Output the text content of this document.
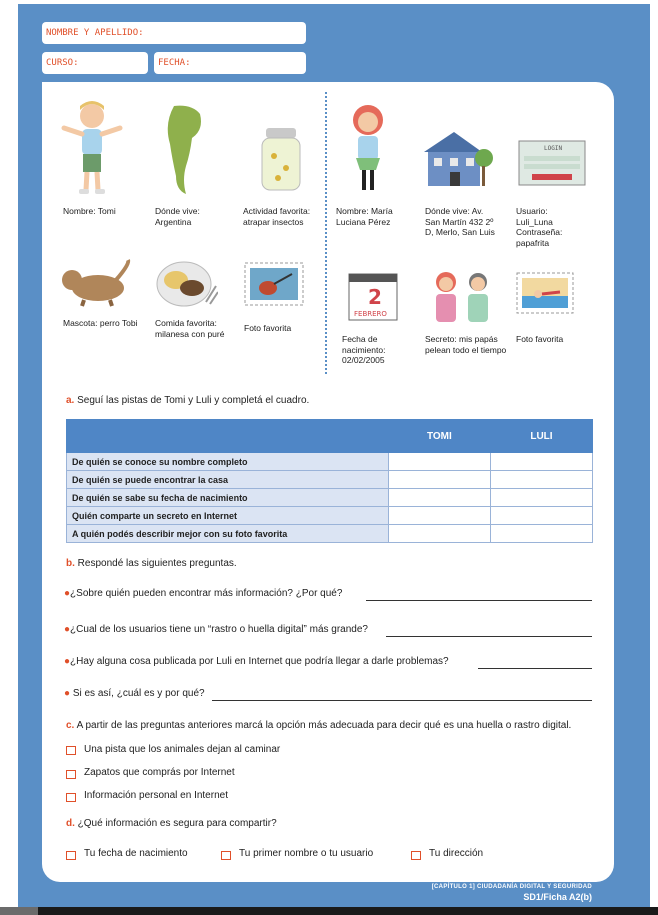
NOMBRE Y APELLIDO:
CURSO:	FECHA:
Nombre: Tomi	Dónde vive: Argentina
Actividad favorita: atrapar insectos
Mascota: perro Tobi	Comida favorita: milanesa con puré
Foto favorita
LOGIN
Nombre: María Luciana Pérez
Dónde vive: Av. San Martín 432 2º D, Merlo, San Luis
Usuario: Luli_Luna Contraseña: papafrita
2
FEBRERO
Fecha de nacimiento: 02/02/2005
Secreto: mis papás pelean todo el tiempo
Foto favorita
a. Seguí las pistas de Tomi y Luli y completá el cuadro.
	TOMI	LULI
De quién se conoce su nombre completo		
De quién se puede encontrar la casa		
De quién se sabe su fecha de nacimiento		
Quién comparte un secreto en Internet		
A quién podés describir mejor con su foto favorita		
b. Respondé las siguientes preguntas.
●¿Sobre quién pueden encontrar más información? ¿Por qué?
●¿Cual de los usuarios tiene un “rastro o huella digital” más grande?
●¿Hay alguna cosa publicada por Luli en Internet que podría llegar a darle problemas?
● Si es así, ¿cuál es y por qué?
c. A partir de las preguntas anteriores marcá la opción más adecuada para decir qué es una huella o rastro digital.
Una pista que los animales dejan al caminar
Zapatos que comprás por Internet
Información personal en Internet
d. ¿Qué información es segura para compartir?
Tu fecha de nacimiento	Tu primer nombre o tu usuario	Tu dirección
[CAPÍTULO 1] CIUDADANÍA DIGITAL Y SEGURIDAD
SD1/Ficha A2(b)
